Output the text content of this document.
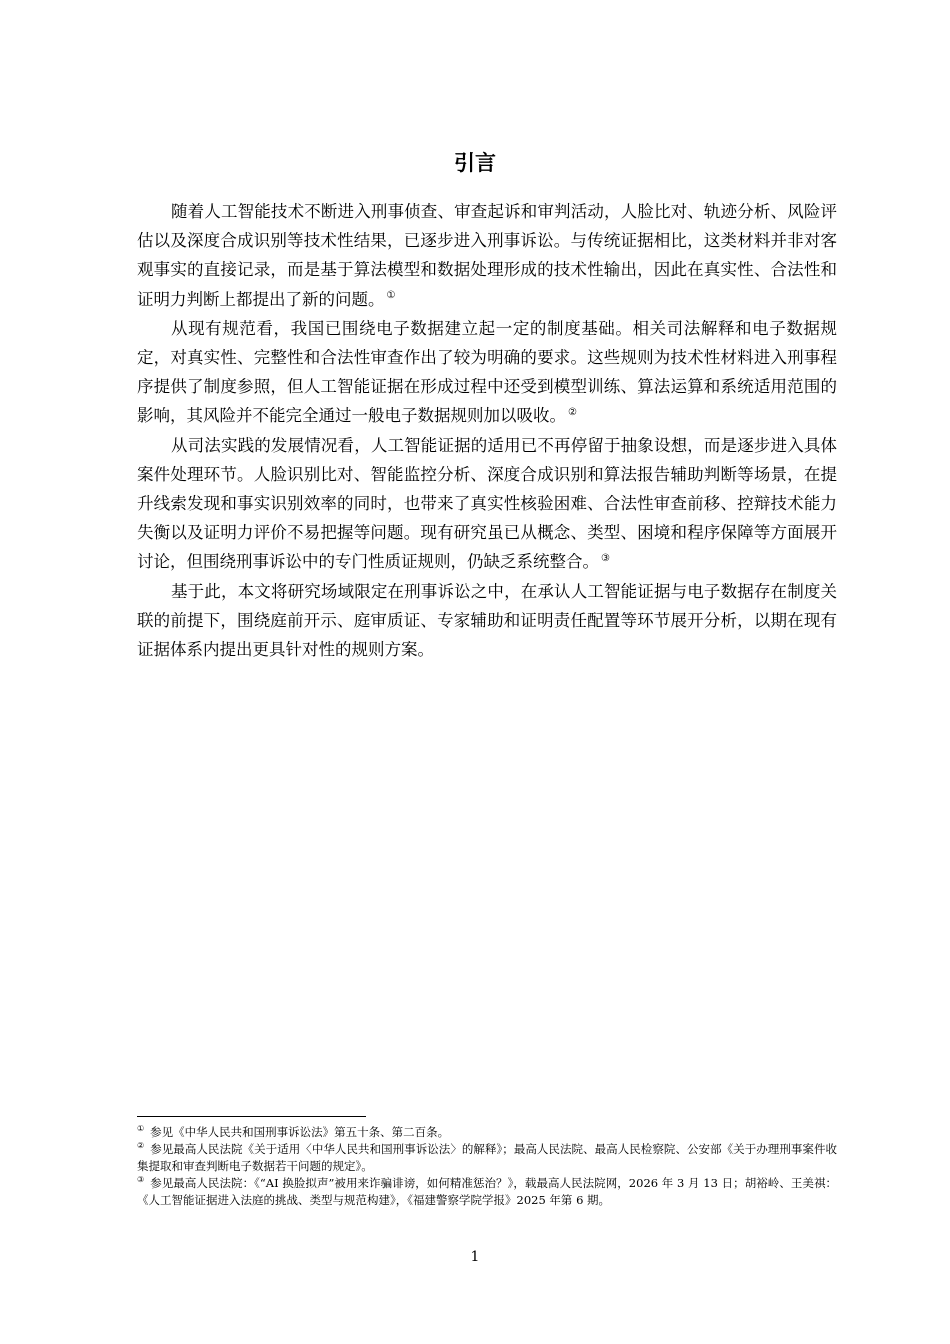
引言

随着人工智能技术不断进入刑事侦查、审查起诉和审判活动，人脸比对、轨迹分析、风险评估以及深度合成识别等技术性结果，已逐步进入刑事诉讼。与传统证据相比，这类材料并非对客观事实的直接记录，而是基于算法模型和数据处理形成的技术性输出，因此在真实性、合法性和证明力判断上都提出了新的问题。 ①

从现有规范看，我国已围绕电子数据建立起一定的制度基础。相关司法解释和电子数据规定，对真实性、完整性和合法性审查作出了较为明确的要求。这些规则为技术性材料进入刑事程序提供了制度参照，但人工智能证据在形成过程中还受到模型训练、算法运算和系统适用范围的影响，其风险并不能完全通过一般电子数据规则加以吸收。 ②

从司法实践的发展情况看，人工智能证据的适用已不再停留于抽象设想，而是逐步进入具体案件处理环节。人脸识别比对、智能监控分析、深度合成识别和算法报告辅助判断等场景，在提升线索发现和事实识别效率的同时，也带来了真实性核验困难、合法性审查前移、控辩技术能力失衡以及证明力评价不易把握等问题。现有研究虽已从概念、类型、困境和程序保障等方面展开讨论，但围绕刑事诉讼中的专门性质证规则，仍缺乏系统整合。 ③

基于此，本文将研究场域限定在刑事诉讼之中，在承认人工智能证据与电子数据存在制度关联的前提下，围绕庭前开示、庭审质证、专家辅助和证明责任配置等环节展开分析，以期在现有证据体系内提出更具针对性的规则方案。

① 参见《中华人民共和国刑事诉讼法》第五十条、第二百条。

② 参见最高人民法院《关于适用〈中华人民共和国刑事诉讼法〉的解释》；最高人民法院、最高人民检察院、公安部《关于办理刑事案件收集提取和审查判断电子数据若干问题的规定》。

③ 参见最高人民法院：《“AI 换脸拟声”被用来诈骗诽谤，如何精准惩治？》，载最高人民法院网，2026 年 3 月 13 日；胡裕岭、王美祺：《人工智能证据进入法庭的挑战、类型与规范构建》，《福建警察学院学报》2025 年第 6 期。

1
